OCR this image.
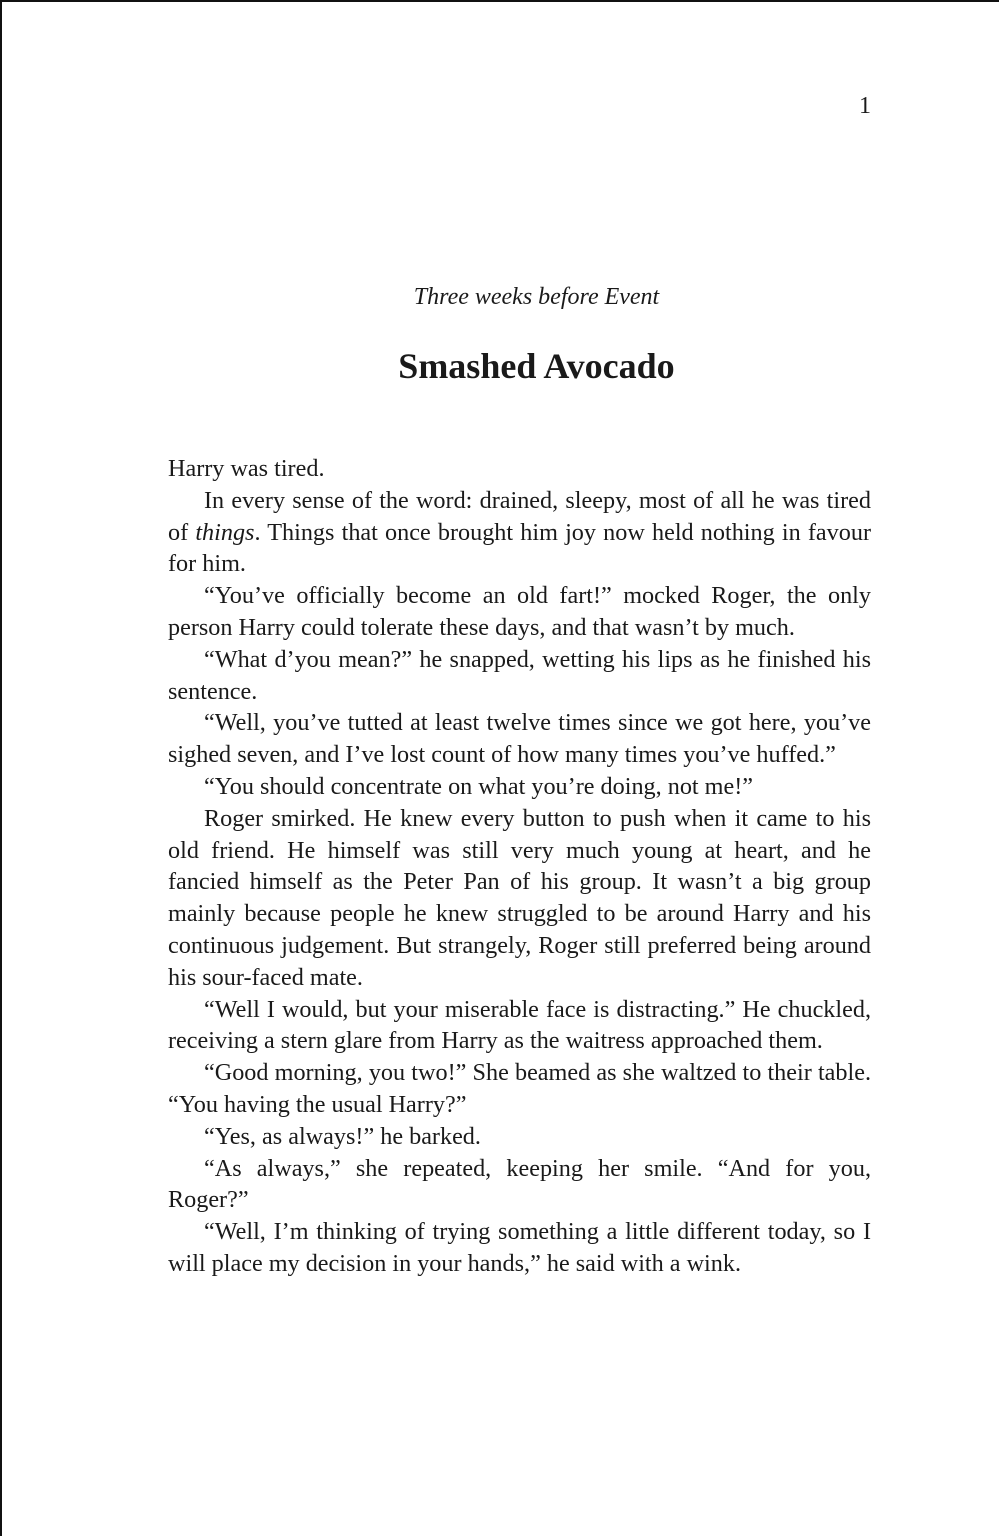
1
Three weeks before Event
Smashed Avocado

Harry was tired.

In every sense of the word: drained, sleepy, most of all he was tired of things. Things that once brought him joy now held nothing in favour for him.

“You’ve officially become an old fart!” mocked Roger, the only person Harry could tolerate these days, and that wasn’t by much.

“What d’you mean?” he snapped, wetting his lips as he finished his sentence.

“Well, you’ve tutted at least twelve times since we got here, you’ve sighed seven, and I’ve lost count of how many times you’ve huffed.”

“You should concentrate on what you’re doing, not me!”

Roger smirked. He knew every button to push when it came to his old friend. He himself was still very much young at heart, and he fancied himself as the Peter Pan of his group. It wasn’t a big group mainly because people he knew struggled to be around Harry and his continuous judgement. But strangely, Roger still preferred being around his sour-faced mate.

“Well I would, but your miserable face is distracting.” He chuckled, receiving a stern glare from Harry as the waitress approached them.

“Good morning, you two!” She beamed as she waltzed to their table. “You having the usual Harry?”

“Yes, as always!” he barked.

“As always,” she repeated, keeping her smile. “And for you, Roger?”

“Well, I’m thinking of trying something a little different today, so I will place my decision in your hands,” he said with a wink.
